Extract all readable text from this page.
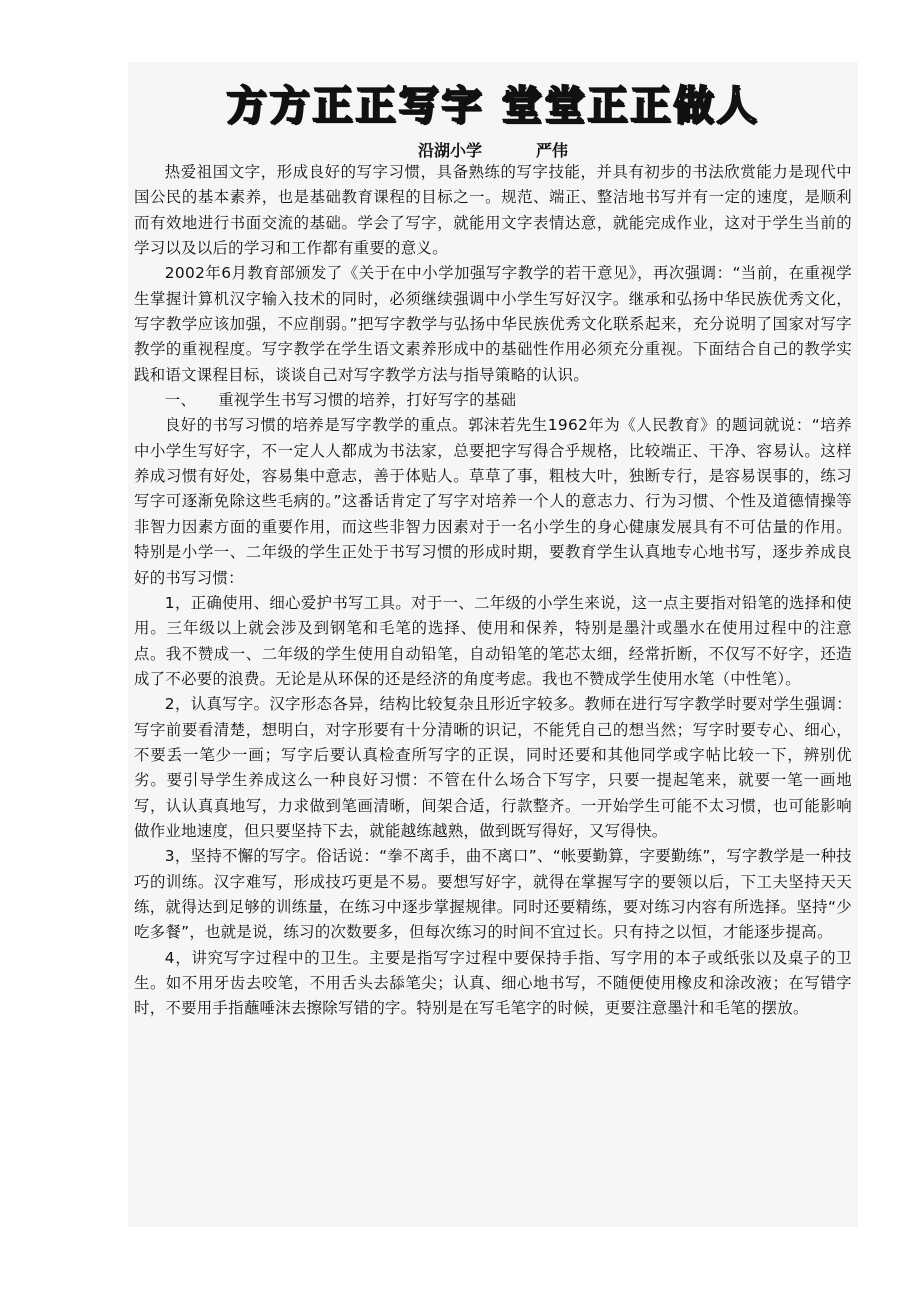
方方正正写字 堂堂正正做人
沿湖小学	严伟

热爱祖国文字，形成良好的写字习惯，具备熟练的写字技能，并具有初步的书法欣赏能力是现代中国公民的基本素养，也是基础教育课程的目标之一。规范、端正、整洁地书写并有一定的速度，是顺利而有效地进行书面交流的基础。学会了写字，就能用文字表情达意，就能完成作业，这对于学生当前的学习以及以后的学习和工作都有重要的意义。

2002年6月教育部颁发了《关于在中小学加强写字教学的若干意见》，再次强调：“当前，在重视学生掌握计算机汉字输入技术的同时，必须继续强调中小学生写好汉字。继承和弘扬中华民族优秀文化，写字教学应该加强，不应削弱。”把写字教学与弘扬中华民族优秀文化联系起来，充分说明了国家对写字教学的重视程度。写字教学在学生语文素养形成中的基础性作用必须充分重视。下面结合自己的教学实践和语文课程目标，谈谈自己对写字教学方法与指导策略的认识。

一、 重视学生书写习惯的培养，打好写字的基础

良好的书写习惯的培养是写字教学的重点。郭沫若先生1962年为《人民教育》的题词就说：“培养中小学生写好字，不一定人人都成为书法家，总要把字写得合乎规格，比较端正、干净、容易认。这样养成习惯有好处，容易集中意志，善于体贴人。草草了事，粗枝大叶，独断专行，是容易误事的，练习写字可逐渐免除这些毛病的。”这番话肯定了写字对培养一个人的意志力、行为习惯、个性及道德情操等非智力因素方面的重要作用，而这些非智力因素对于一名小学生的身心健康发展具有不可估量的作用。特别是小学一、二年级的学生正处于书写习惯的形成时期，要教育学生认真地专心地书写，逐步养成良好的书写习惯：

1，正确使用、细心爱护书写工具。对于一、二年级的小学生来说，这一点主要指对铅笔的选择和使用。三年级以上就会涉及到钢笔和毛笔的选择、使用和保养，特别是墨汁或墨水在使用过程中的注意点。我不赞成一、二年级的学生使用自动铅笔，自动铅笔的笔芯太细，经常折断，不仅写不好字，还造成了不必要的浪费。无论是从环保的还是经济的角度考虑。我也不赞成学生使用水笔（中性笔）。

2，认真写字。汉字形态各异，结构比较复杂且形近字较多。教师在进行写字教学时要对学生强调：写字前要看清楚，想明白，对字形要有十分清晰的识记，不能凭自己的想当然；写字时要专心、细心，不要丢一笔少一画；写字后要认真检查所写字的正误，同时还要和其他同学或字帖比较一下，辨别优劣。要引导学生养成这么一种良好习惯：不管在什么场合下写字，只要一提起笔来，就要一笔一画地写，认认真真地写，力求做到笔画清晰，间架合适，行款整齐。一开始学生可能不太习惯，也可能影响做作业地速度，但只要坚持下去，就能越练越熟，做到既写得好，又写得快。

3，坚持不懈的写字。俗话说：“拳不离手，曲不离口”、“帐要勤算，字要勤练”，写字教学是一种技巧的训练。汉字难写，形成技巧更是不易。要想写好字，就得在掌握写字的要领以后，下工夫坚持天天练，就得达到足够的训练量，在练习中逐步掌握规律。同时还要精练，要对练习内容有所选择。坚持“少吃多餐”，也就是说，练习的次数要多，但每次练习的时间不宜过长。只有持之以恒，才能逐步提高。

4，讲究写字过程中的卫生。主要是指写字过程中要保持手指、写字用的本子或纸张以及桌子的卫生。如不用牙齿去咬笔，不用舌头去舔笔尖；认真、细心地书写，不随便使用橡皮和涂改液；在写错字时，不要用手指蘸唾沫去擦除写错的字。特别是在写毛笔字的时候，更要注意墨汁和毛笔的摆放。
